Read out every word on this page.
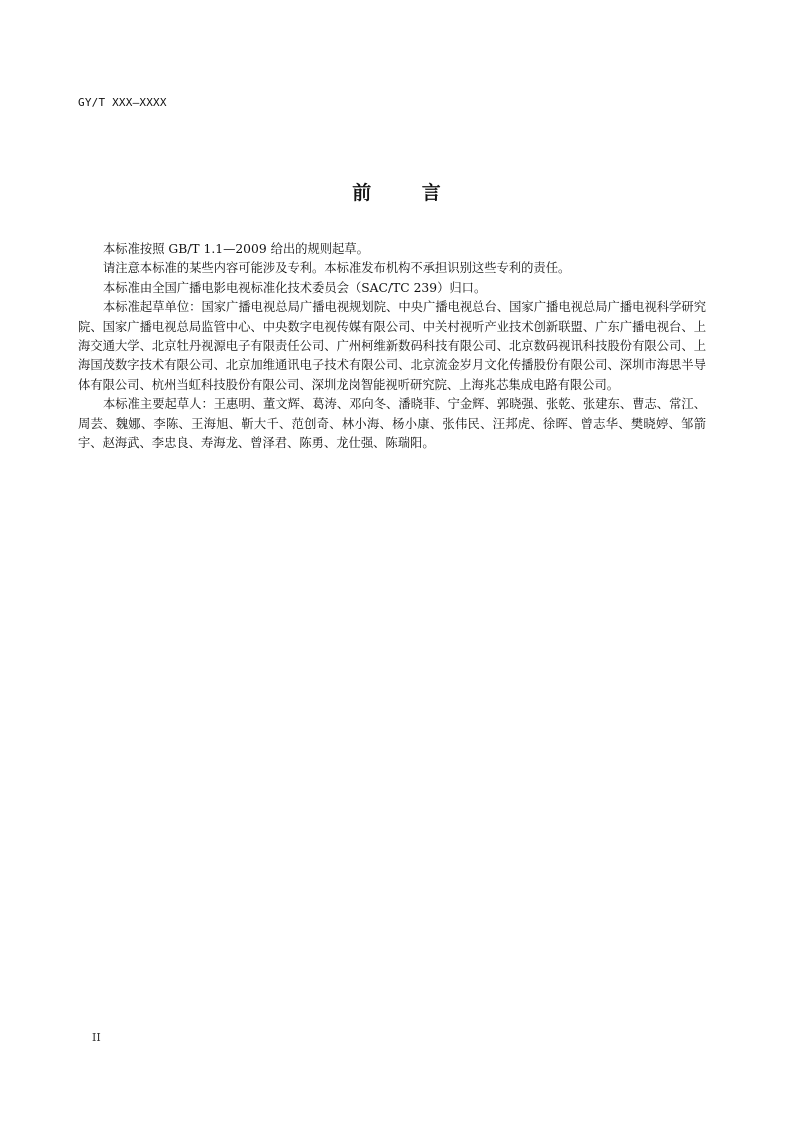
GY/T XXX—XXXX
前 言

本标准按照 GB/T 1.1—2009 给出的规则起草。

请注意本标准的某些内容可能涉及专利。本标准发布机构不承担识别这些专利的责任。

本标准由全国广播电影电视标准化技术委员会（SAC/TC 239）归口。

本标准起草单位：国家广播电视总局广播电视规划院、中央广播电视总台、国家广播电视总局广播电视科学研究院、国家广播电视总局监管中心、中央数字电视传媒有限公司、中关村视听产业技术创新联盟、广东广播电视台、上海交通大学、北京牡丹视源电子有限责任公司、广州柯维新数码科技有限公司、北京数码视讯科技股份有限公司、上海国茂数字技术有限公司、北京加维通讯电子技术有限公司、北京流金岁月文化传播股份有限公司、深圳市海思半导体有限公司、杭州当虹科技股份有限公司、深圳龙岗智能视听研究院、上海兆芯集成电路有限公司。

本标准主要起草人：王惠明、董文辉、葛涛、邓向冬、潘晓菲、宁金辉、郭晓强、张乾、张建东、曹志、常江、周芸、魏娜、李陈、王海旭、靳大千、范创奇、林小海、杨小康、张伟民、汪邦虎、徐晖、曾志华、樊晓婷、邹箭宇、赵海武、李忠良、寿海龙、曾泽君、陈勇、龙仕强、陈瑞阳。

II
